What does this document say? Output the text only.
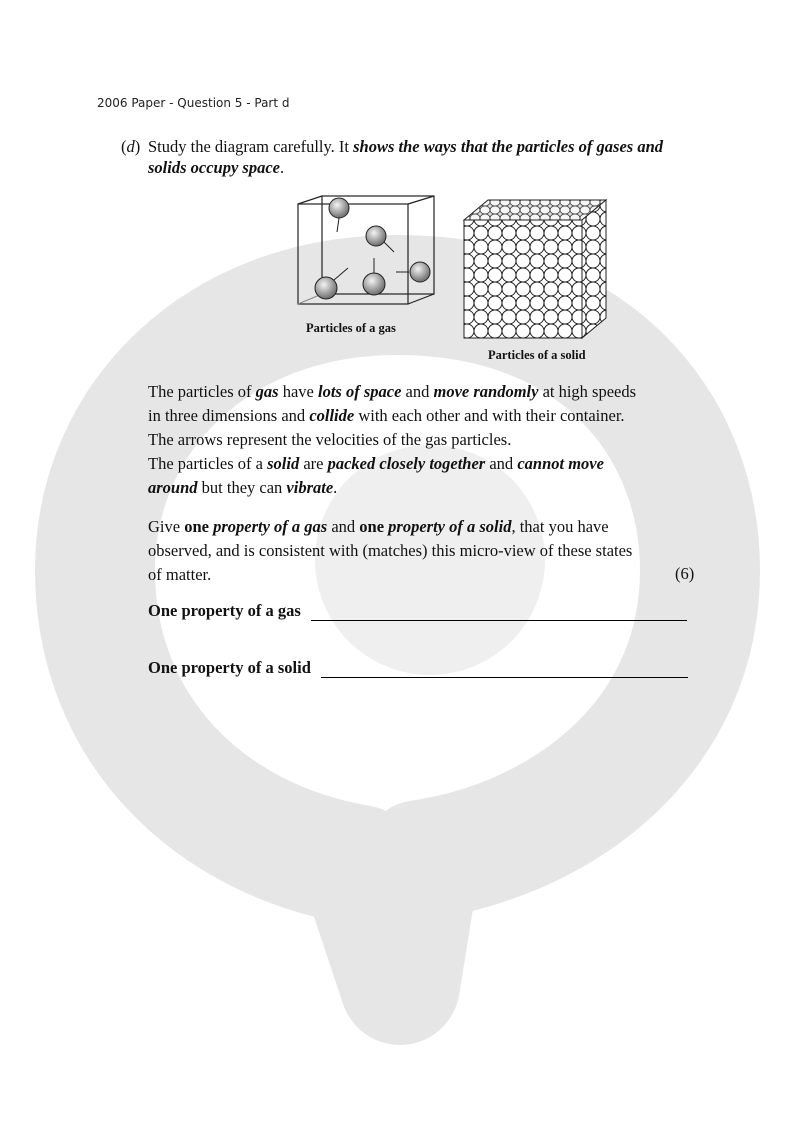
2006 Paper - Question 5 - Part d
(d) Study the diagram carefully. It shows the ways that the particles of gases and solids occupy space.
Particles of a gas
Particles of a solid
The particles of gas have lots of space and move randomly at high speeds
in three dimensions and collide with each other and with their container.
The arrows represent the velocities of the gas particles.
The particles of a solid are packed closely together and cannot move
around but they can vibrate.
Give one property of a gas and one property of a solid, that you have
observed, and is consistent with (matches) this micro-view of these states
of matter.	(6)
One property of a gas
One property of a solid
